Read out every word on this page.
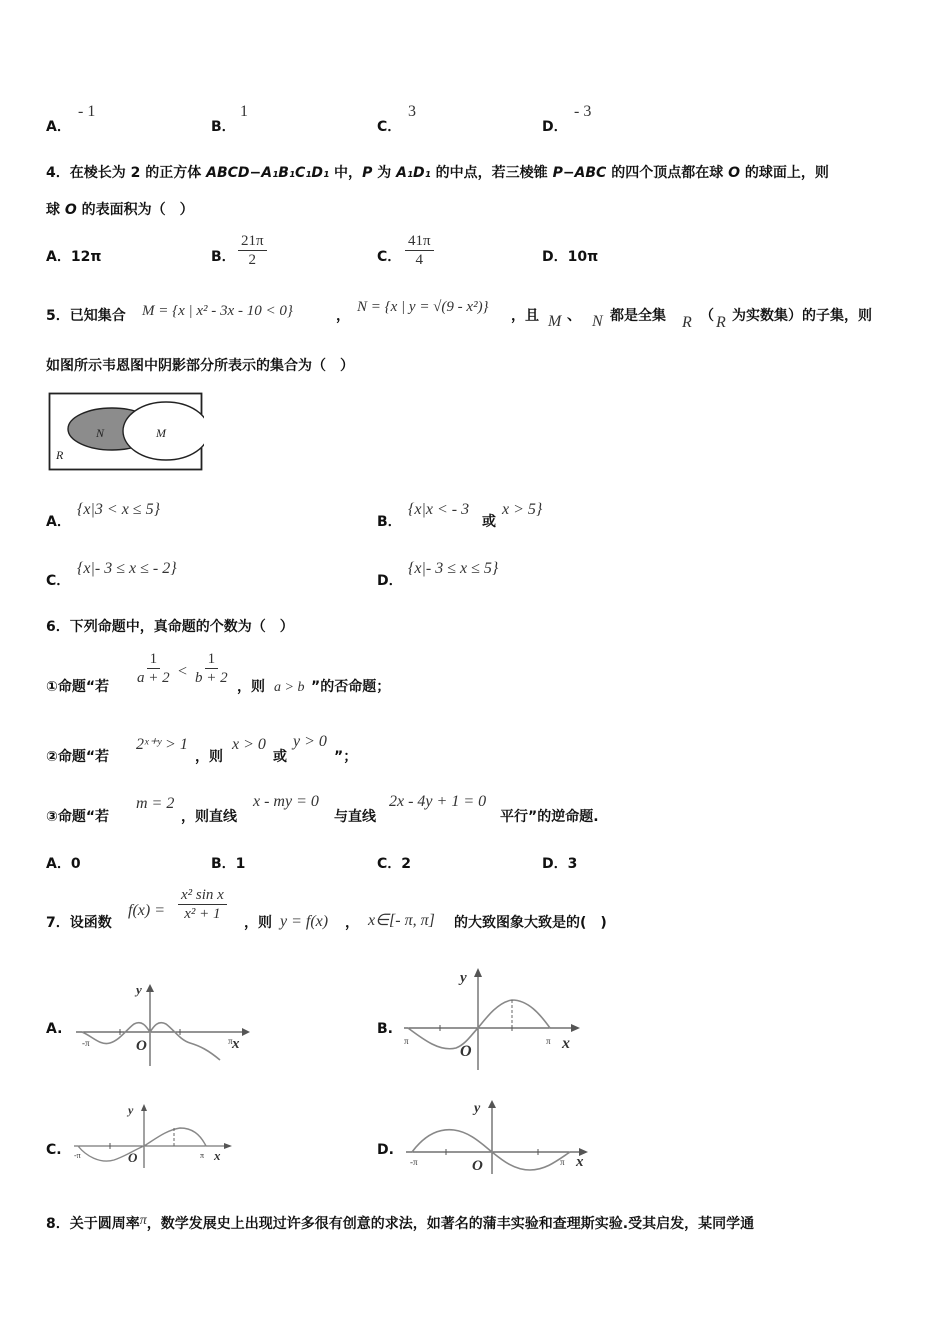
A．
- 1
B．
1
C．
3
D．
- 3
4．在棱长为 2 的正方体 ABCD−A₁B₁C₁D₁ 中，P 为 A₁D₁ 的中点，若三棱锥 P−ABC 的四个顶点都在球 O 的球面上，则
球 O 的表面积为（　）
A．12π	B． $\frac{21\pi}{2}$	C． $\frac{41\pi}{4}$	D．10π
5．已知集合 M = {x | x² - 3x - 10 < 0}	，
N = {x | y = √(9 - x²)}
，且 M 、 N 都是全集 R （ R 为实数集）的子集，则
如图所示韦恩图中阴影部分所表示的集合为（　）
N	M
R
A．
{x|3 < x ≤ 5}
B．
{x|x < - 3
或
x > 5}
C．
{x|- 3 ≤ x ≤ - 2}
D．
{x|- 3 ≤ x ≤ 5}
6．下列命题中，真命题的个数为（　）
①命题“若 $\frac{1}{a + 2} < \frac{1}{b + 2}$ ，则 a > b ”的否命题；
②命题“若
2ˣ⁺ʸ > 1
，则
x > 0
或
y > 0
”；
③命题“若
m = 2
，则直线
x - my = 0
与直线
2x - 4y + 1 = 0
平行”的逆命题.
A．0	B．1	C．2	D．3
7．设函数
$f(x) = \frac{\text{x² sin x}}{\text{x² + 1}}$ ，则 y = f(x) ， x∈[- π, π] 的大致图象大致是的(　)
A.
-π	π
O
y
x
B.
π	π
O
y
x
C. -π	π
O
y
x	D.
-π	π
O
y
x
8．关于圆周率π，数学发展史上出现过许多很有创意的求法，如著名的蒲丰实验和查理斯实验.受其启发，某同学通
